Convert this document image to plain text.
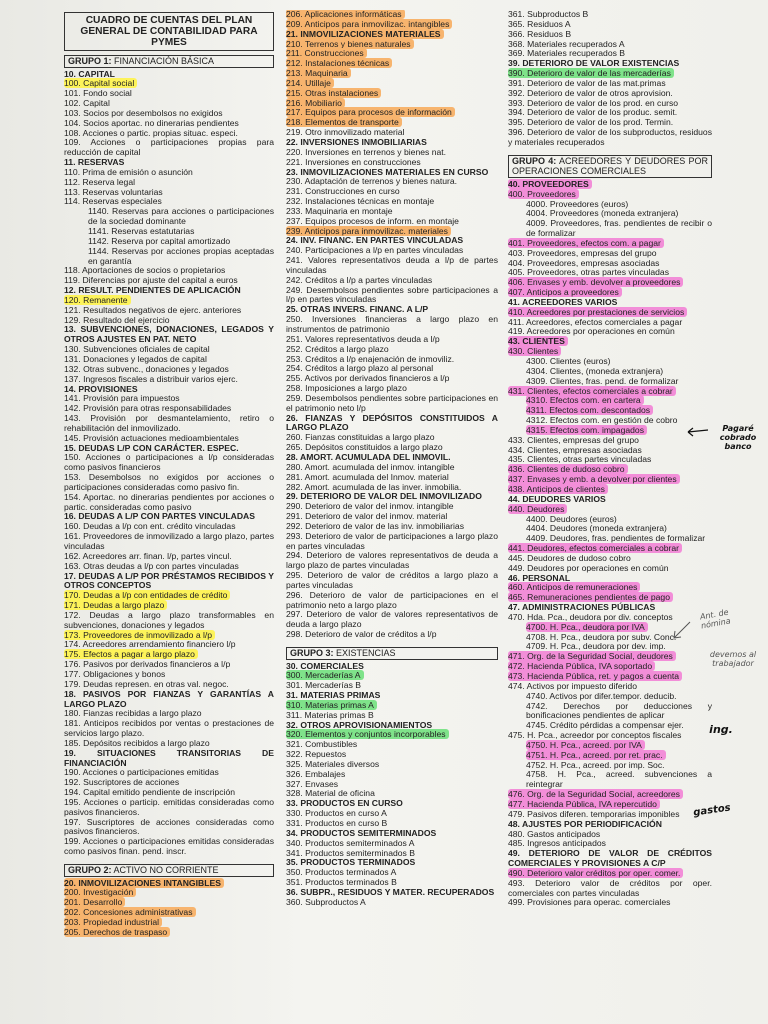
CUADRO DE CUENTAS DEL PLAN GENERAL DE CONTABILIDAD PARA PYMES
GRUPO 1: FINANCIACIÓN BÁSICA
10. CAPITAL
100. Capital social
101. Fondo social
102. Capital
103. Socios por desembolsos no exigidos
104. Socios aportac. no dinerarias pendientes
108. Acciones o partic. propias situac. especi.
109. Acciones o participaciones propias para reducción de capital
11. RESERVAS
110. Prima de emisión o asunción
112. Reserva legal
113. Reservas voluntarias
114. Reservas especiales
1140. Reservas para acciones o participaciones de la sociedad dominante
1141. Reservas estatutarias
1142. Reserva por capital amortizado
1144. Reservas por acciones propias aceptadas en garantía
118. Aportaciones de socios o propietarios
119. Diferencias por ajuste del capital a euros
12. RESULT. PENDIENTES DE APLICACIÓN
120. Remanente
121. Resultados negativos de ejerc. anteriores
129. Resultado del ejercicio
13. SUBVENCIONES, DONACIONES, LEGADOS Y OTROS AJUSTES EN PAT. NETO
130. Subvenciones oficiales de capital
131. Donaciones y legados de capital
132. Otras subvenc., donaciones y legados
137. Ingresos fiscales a distribuir varios ejerc.
14. PROVISIONES
141. Provisión para impuestos
142. Provisión para otras responsabilidades
143. Provisión por desmantelamiento, retiro o rehabilitación del inmovilizado.
145. Provisión actuaciones medioambientales
15. DEUDAS L/P CON CARÁCTER. ESPEC.
150. Acciones o participaciones a l/p consideradas como pasivos financieros
153. Desembolsos no exigidos por acciones o participaciones consideradas como pasivo fin.
154. Aportac. no dinerarias pendientes por acciones o partic. consideradas como pasivo
16. DEUDAS A L/P CON PARTES VINCULADAS
160. Deudas a l/p con ent. crédito vinculadas
161. Proveedores de inmovilizado a largo plazo, partes vinculadas
162. Acreedores arr. finan. l/p, partes vincul.
163. Otras deudas a l/p con partes vinculadas
17. DEUDAS A L/P POR PRÉSTAMOS RECIBIDOS Y OTROS CONCEPTOS
170. Deudas a l/p con entidades de crédito
171. Deudas a largo plazo
172. Deudas a largo plazo transformables en subvenciones, donaciones y legados
173. Proveedores de inmovilizado a l/p
174. Acreedores arrendamiento financiero l/p
175. Efectos a pagar a largo plazo
176. Pasivos por derivados financieros a l/p
177. Obligaciones y bonos
179. Deudas represen. en otras val. negoc.
18. PASIVOS POR FIANZAS Y GARANTÍAS A LARGO PLAZO
180. Fianzas recibidas a largo plazo
181. Anticipos recibidos por ventas o prestaciones de servicios largo plazo.
185. Depósitos recibidos a largo plazo
19. SITUACIONES TRANSITORIAS DE FINANCIACIÓN
190. Acciones o participaciones emitidas
192. Suscriptores de acciones
194. Capital emitido pendiente de inscripción
195. Acciones o particip. emitidas consideradas como pasivos financieros.
197. Suscriptores de acciones consideradas como pasivos financieros.
199. Acciones o participaciones emitidas consideradas como pasivos finan. pend. inscr.
GRUPO 2: ACTIVO NO CORRIENTE
20. INMOVILIZACIONES INTANGIBLES
200. Investigación
201. Desarrollo
202. Concesiones administrativas
203. Propiedad industrial
205. Derechos de traspaso
206. Aplicaciones informáticas
209. Anticipos para inmovilizac. intangibles
21. INMOVILIZACIONES MATERIALES
210. Terrenos y bienes naturales
211. Construcciones
212. Instalaciones técnicas
213. Maquinaria
214. Utillaje
215. Otras instalaciones
216. Mobiliario
217. Equipos para procesos de información
218. Elementos de transporte
219. Otro inmovilizado material
22. INVERSIONES INMOBILIARIAS
220. Inversiones en terrenos y bienes nat.
221. Inversiones en construcciones
23. INMOVILIZACIONES MATERIALES EN CURSO
230. Adaptación de terrenos y bienes natura.
231. Construcciones en curso
232. Instalaciones técnicas en montaje
233. Maquinaria en montaje
237. Equipos procesos de inform. en montaje
239. Anticipos para inmovilizac. materiales
24. INV. FINANC. EN PARTES VINCULADAS
240. Participaciones a l/p en partes vinculadas
241. Valores representativos deuda a l/p de partes vinculadas
242. Créditos a l/p a partes vinculadas
249. Desembolsos pendientes sobre participaciones a l/p en partes vinculadas
25. OTRAS INVERS. FINANC. A L/P
250. Inversiones financieras a largo plazo en instrumentos de patrimonio
251. Valores representativos deuda a l/p
252. Créditos a largo plazo
253. Créditos a l/p enajenación de inmoviliz.
254. Créditos a largo plazo al personal
255. Activos por derivados financieros a l/p
258. Imposiciones a largo plazo
259. Desembolsos pendientes sobre participaciones en el patrimonio neto l/p
26. FIANZAS Y DEPÓSITOS CONSTITUIDOS A LARGO PLAZO
260. Fianzas constituidas a largo plazo
265. Depósitos constituidos a largo plazo
28. AMORT. ACUMULADA DEL INMOVIL.
280. Amort. acumulada del inmov. intangible
281. Amort. acumulada del Inmov. material
282. Amort. acumulada de las inver. inmobilia.
29. DETERIORO DE VALOR DEL INMOVILIZADO
290. Deterioro de valor del inmov. intangible
291. Deterioro de valor del inmov. material
292. Deterioro de valor de las inv. inmobiliarias
293. Deterioro de valor de participaciones a largo plazo en partes vinculadas
294. Deterioro de valores representativos de deuda a largo plazo de partes vinculadas
295. Deterioro de valor de créditos a largo plazo a partes vinculadas
296. Deterioro de valor de participaciones en el patrimonio neto a largo plazo
297. Deterioro de valor de valores representativos de deuda a largo plazo
298. Deterioro de valor de créditos a l/p
GRUPO 3: EXISTENCIAS
30. COMERCIALES
300. Mercaderías A
301. Mercaderías B
31. MATERIAS PRIMAS
310. Materias primas A
311. Materias primas B
32. OTROS APROVISIONAMIENTOS
320. Elementos y conjuntos incorporables
321. Combustibles
322. Repuestos
325. Materiales diversos
326. Embalajes
327. Envases
328. Material de oficina
33. PRODUCTOS EN CURSO
330. Productos en curso A
331. Productos en curso B
34. PRODUCTOS SEMITERMINADOS
340. Productos semiterminados A
341. Productos semiterminados B
35. PRODUCTOS TERMINADOS
350. Productos terminados A
351. Productos terminados B
36. SUBPR., RESIDUOS Y MATER. RECUPERADOS
360. Subproductos A
361. Subproductos B
365. Residuos A
366. Residuos B
368. Materiales recuperados A
369. Materiales recuperados B
39. DETERIORO DE VALOR EXISTENCIAS
390. Deterioro de valor de las mercaderías
391. Deterioro de valor de las mat.primas
392. Deterioro de valor de otros aprovision.
393. Deterioro de valor de los prod. en curso
394. Deterioro de valor de los produc. semit.
395. Deterioro de valor de los prod. Termin.
396. Deterioro de valor de los subproductos, residuos y materiales recuperados
GRUPO 4: ACREEDORES Y DEUDORES POR OPERACIONES COMERCIALES
40. PROVEEDORES
400. Proveedores
4000. Proveedores (euros)
4004. Proveedores (moneda extranjera)
4009. Proveedores, fras. pendientes de recibir o de formalizar
401. Proveedores, efectos com. a pagar
403. Proveedores, empresas del grupo
404. Proveedores, empresas asociadas
405. Proveedores, otras partes vinculadas
406. Envases y emb. devolver a proveedores
407. Anticipos a proveedores
41. ACREEDORES VARIOS
410. Acreedores por prestaciones de servicios
411. Acreedores, efectos comerciales a pagar
419. Acreedores por operaciones en común
43. CLIENTES
430. Clientes
4300. Clientes (euros)
4304. Clientes, (moneda extranjera)
4309. Clientes, fras. pend. de formalizar
431. Clientes, efectos comerciales a cobrar
4310. Efectos com. en cartera
4311. Efectos com. descontados
4312. Efectos com. en gestión de cobro
4315. Efectos com. impagados
433. Clientes, empresas del grupo
434. Clientes, empresas asociadas
435. Clientes, otras partes vinculadas
436. Clientes de dudoso cobro
437. Envases y emb. a devolver por clientes
438. Anticipos de clientes
44. DEUDORES VARIOS
440. Deudores
4400. Deudores (euros)
4404. Deudores (moneda extranjera)
4409. Deudores, fras. pendientes de formalizar
441. Deudores, efectos comerciales a cobrar
445. Deudores de dudoso cobro
449. Deudores por operaciones en común
46. PERSONAL
460. Anticipos de remuneraciones
465. Remuneraciones pendientes de pago
47. ADMINISTRACIONES PÚBLICAS
470. Hda. Pca., deudora por div. conceptos
4700. H. Pca., deudora por IVA
4708. H. Pca., deudora por subv. Conc.
4709. H. Pca., deudora por dev. imp.
471. Org. de la Seguridad Social, deudores
472. Hacienda Pública, IVA soportado
473. Hacienda Pública, ret. y pagos a cuenta
474. Activos por impuesto diferido
4740. Activos por difer.tempor. deducib.
4742. Derechos por deducciones y bonificaciones pendientes de aplicar
4745. Crédito pérdidas a compensar ejer.
475. H. Pca., acreedor por conceptos fiscales
4750. H. Pca., acreed. por IVA
4751. H. Pca., acreed. por ret. prac.
4752. H. Pca., acreed. por imp. Soc.
4758. H. Pca., acreed. subvenciones a reintegrar
476. Org. de la Seguridad Social, acreedores
477. Hacienda Pública, IVA repercutido
479. Pasivos diferen. temporarias imponibles
48. AJUSTES POR PERIODIFICACIÓN
480. Gastos anticipados
485. Ingresos anticipados
49. DETERIORO DE VALOR DE CRÉDITOS COMERCIALES Y PROVISIONES A C/P
490. Deterioro valor créditos por oper. comer.
493. Deterioro valor de créditos por oper. comerciales con partes vinculadas
499. Provisiones para operac. comerciales
Pagaré cobrado banco
Ant. de nómina
devemos al trabajador
ing.
gastos
